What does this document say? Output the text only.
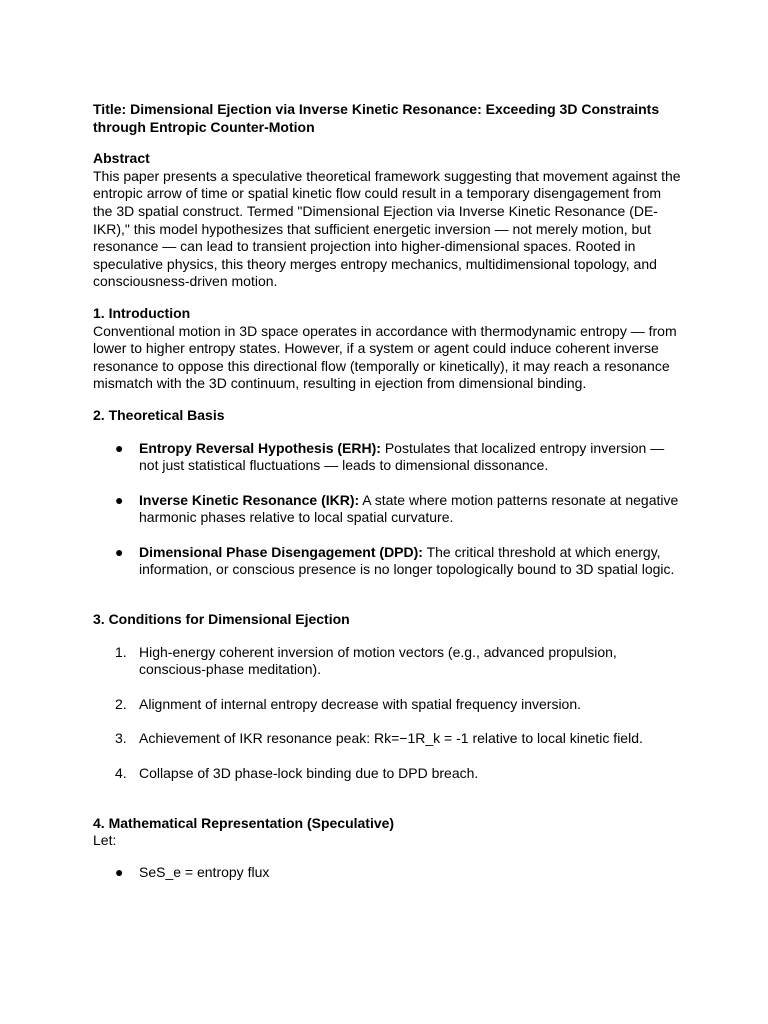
Title: Dimensional Ejection via Inverse Kinetic Resonance: Exceeding 3D Constraints through Entropic Counter-Motion

Abstract

This paper presents a speculative theoretical framework suggesting that movement against the entropic arrow of time or spatial kinetic flow could result in a temporary disengagement from the 3D spatial construct. Termed "Dimensional Ejection via Inverse Kinetic Resonance (DE-IKR)," this model hypothesizes that sufficient energetic inversion — not merely motion, but resonance — can lead to transient projection into higher-dimensional spaces. Rooted in speculative physics, this theory merges entropy mechanics, multidimensional topology, and consciousness-driven motion.

1. Introduction

Conventional motion in 3D space operates in accordance with thermodynamic entropy — from lower to higher entropy states. However, if a system or agent could induce coherent inverse resonance to oppose this directional flow (temporally or kinetically), it may reach a resonance mismatch with the 3D continuum, resulting in ejection from dimensional binding.

2. Theoretical Basis

● Entropy Reversal Hypothesis (ERH): Postulates that localized entropy inversion — not just statistical fluctuations — leads to dimensional dissonance.
● Inverse Kinetic Resonance (IKR): A state where motion patterns resonate at negative harmonic phases relative to local spatial curvature.
● Dimensional Phase Disengagement (DPD): The critical threshold at which energy, information, or conscious presence is no longer topologically bound to 3D spatial logic.

3. Conditions for Dimensional Ejection

1. High-energy coherent inversion of motion vectors (e.g., advanced propulsion, conscious-phase meditation).
2. Alignment of internal entropy decrease with spatial frequency inversion.
3. Achievement of IKR resonance peak: Rk=−1R_k = -1 relative to local kinetic field.
4. Collapse of 3D phase-lock binding due to DPD breach.

4. Mathematical Representation (Speculative)

Let:

● SeS_e = entropy flux
